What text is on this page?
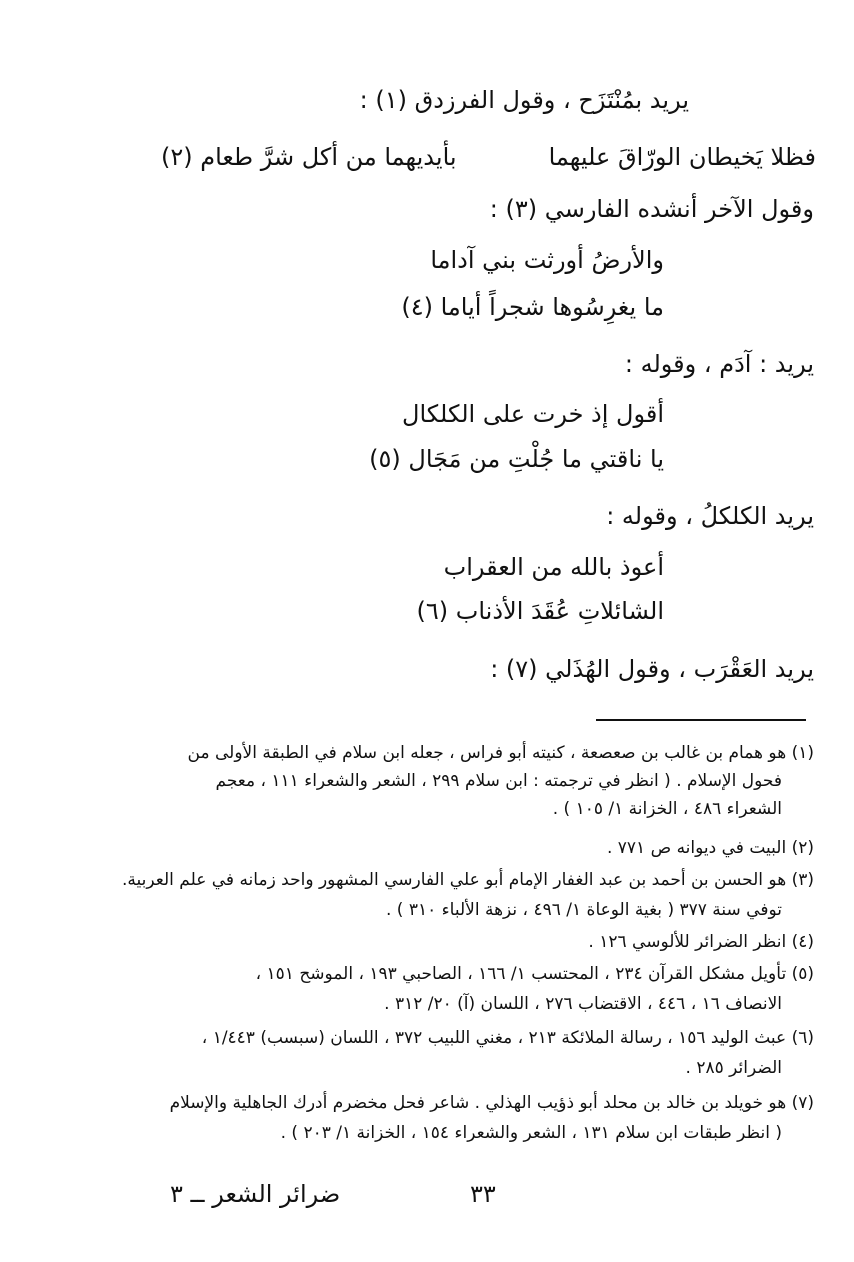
يريد بمُنْتَزَح ، وقول الفرزدق (١) :
بأيديهما من أكل شرَّ طعام (٢)	فظلا يَخيطان الورّاقَ عليهما
وقول الآخر أنشده الفارسي (٣) :
والأرضُ أورثت بني آداما
ما يغرِسُوها شجراً أياما (٤)
يريد : آدَم ، وقوله :
أقول إذ خرت على الكلكال
يا ناقتي ما جُلْتِ من مَجَال (٥)
يريد الكلكلُ ، وقوله :
أعوذ بالله من العقراب
الشائلاتِ عُقَدَ الأذناب (٦)
يريد العَقْرَب ، وقول الهُذَلي (٧) :
(١) هو همام بن غالب بن صعصعة ، كنيته أبو فراس ، جعله ابن سلام في الطبقة الأولى من
فحول الإسلام . ( انظر في ترجمته : ابن سلام ٢٩٩ ، الشعر والشعراء ١١١ ، معجم
الشعراء ٤٨٦ ، الخزانة ١/ ١٠٥ ) .
(٢) البيت في ديوانه ص ٧٧١ .
(٣) هو الحسن بن أحمد بن عبد الغفار الإمام أبو علي الفارسي المشهور واحد زمانه في علم العربية.
توفي سنة ٣٧٧ ( بغية الوعاة ١/ ٤٩٦ ، نزهة الألباء ٣١٠ ) .
(٤) انظر الضرائر للألوسي ١٢٦ .
(٥) تأويل مشكل القرآن ٢٣٤ ، المحتسب ١/ ١٦٦ ، الصاحبي ١٩٣ ، الموشح ١٥١ ،
الانصاف ١٦ ، ٤٤٦ ، الاقتضاب ٢٧٦ ، اللسان (آ) ٢٠/ ٣١٢ .
(٦) عبث الوليد ١٥٦ ، رسالة الملائكة ٢١٣ ، مغني اللبيب ٣٧٢ ، اللسان (سبسب) ١/٤٤٣ ،
الضرائر ٢٨٥ .
(٧) هو خويلد بن خالد بن محلد أبو ذؤيب الهذلي . شاعر فحل مخضرم أدرك الجاهلية والإسلام
( انظر طبقات ابن سلام ١٣١ ، الشعر والشعراء ١٥٤ ، الخزانة ١/ ٢٠٣ ) .
٣٣
ضرائر الشعر ــ ٣
